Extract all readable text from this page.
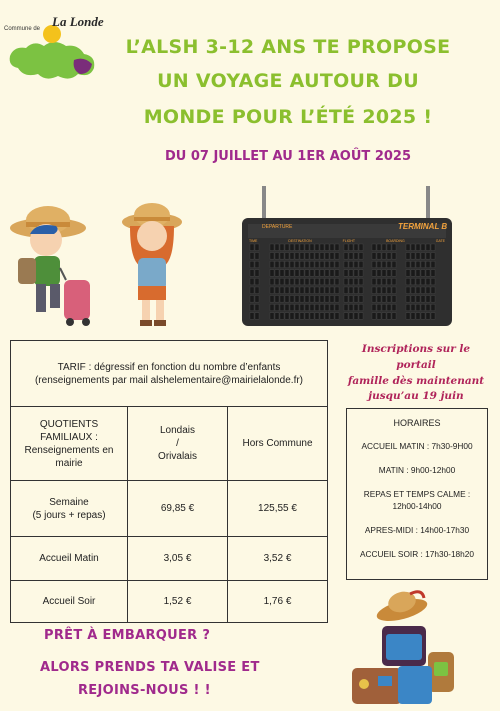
Commune de La Londe
L’ALSH 3-12 ANS TE PROPOSE
UN VOYAGE AUTOUR DU
MONDE POUR L’ÉTÉ 2025 !
DU 07 JUILLET AU 1ER AOÛT 2025
DEPARTURE	TERMINAL B
TIME	DESTINATION	FLIGHT	BOARDING	GATE
TARIF : dégressif en fonction du nombre d’enfants
(renseignements par mail alshelementaire@mairielalonde.fr)		

QUOTIENTS FAMILIAUX : Renseignements en mairie	Londais
/
Orivalais	Hors Commune

Semaine
(5 jours + repas)	69,85 €	125,55 €
Accueil Matin	3,05 €	3,52 €
Accueil Soir	1,52 €	1,76 €
Inscriptions sur le portail
famille dès maintenant
jusqu’au 19 juin
HORAIRES
ACCUEIL MATIN : 7h30-9H00
MATIN : 9h00-12h00
REPAS ET TEMPS CALME : 12h00-14h00
APRES-MIDI : 14h00-17h30
ACCUEIL SOIR : 17h30-18h20
PRÊT À EMBARQUER ?
ALORS PRENDS TA VALISE ET
REJOINS-NOUS ! !
